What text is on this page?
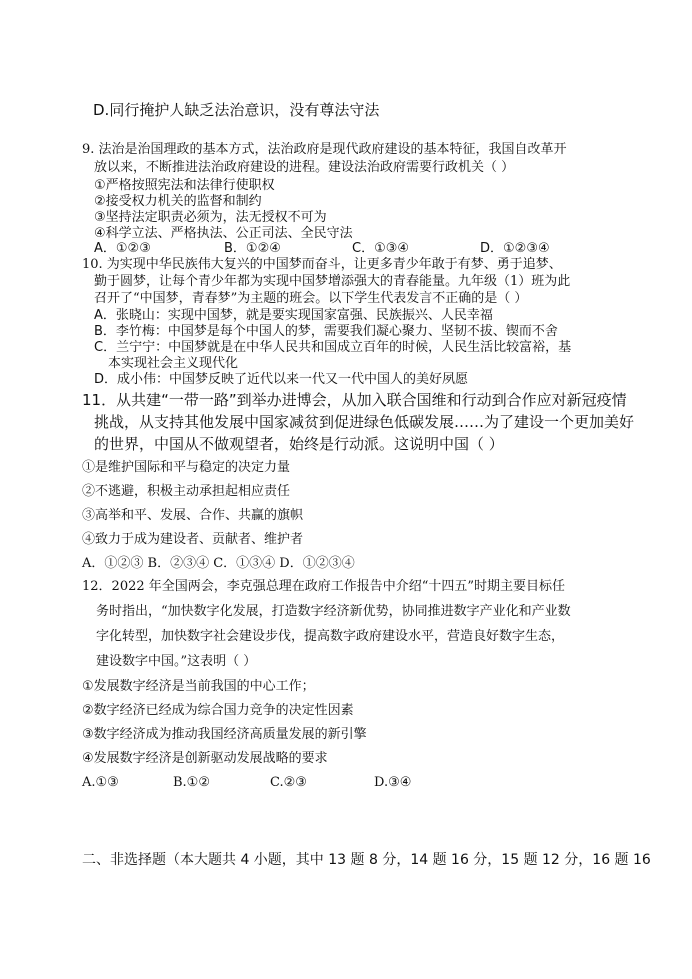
D.同行掩护人缺乏法治意识，没有尊法守法
9. 法治是治国理政的基本方式，法治政府是现代政府建设的基本特征，我国自改革开
放以来，不断推进法治政府建设的进程。建设法治政府需要行政机关（ ）
①严格按照宪法和法律行使职权
②接受权力机关的监督和制约
③坚持法定职责必须为，法无授权不可为
④科学立法、严格执法、公正司法、全民守法
A．①②③	B．①②④	C．①③④	D．①②③④
10. 为实现中华民族伟大复兴的中国梦而奋斗，让更多青少年敢于有梦、勇于追梦、
勤于圆梦，让每个青少年都为实现中国梦增添强大的青春能量。九年级（1）班为此
召开了“中国梦，青春梦”为主题的班会。以下学生代表发言不正确的是（ ）
A．张晓山：实现中国梦，就是要实现国家富强、民族振兴、人民幸福
B．李竹梅：中国梦是每个中国人的梦，需要我们凝心聚力、坚韧不拔、锲而不舍
C．兰宁宁：中国梦就是在中华人民共和国成立百年的时候，人民生活比较富裕，基
本实现社会主义现代化
D．成小伟：中国梦反映了近代以来一代又一代中国人的美好夙愿
11．从共建“一带一路”到举办进博会，从加入联合国维和行动到合作应对新冠疫情
挑战，从支持其他发展中国家减贫到促进绿色低碳发展……为了建设一个更加美好
的世界，中国从不做观望者，始终是行动派。这说明中国（ ）
①是维护国际和平与稳定的决定力量
②不逃避，积极主动承担起相应责任
③高举和平、发展、合作、共赢的旗帜
④致力于成为建设者、贡献者、维护者
A．①②③ B．②③④ C．①③④ D．①②③④
12．2022 年全国两会，李克强总理在政府工作报告中介绍“十四五”时期主要目标任
务时指出，“加快数字化发展，打造数字经济新优势，协同推进数字产业化和产业数
字化转型，加快数字社会建设步伐，提高数字政府建设水平，营造良好数字生态，
建设数字中国。”这表明（ ）
①发展数字经济是当前我国的中心工作；
②数字经济已经成为综合国力竞争的决定性因素
③数字经济成为推动我国经济高质量发展的新引擎
④发展数字经济是创新驱动发展战略的要求
A.①③	B.①②	C.②③	D.③④
二、非选择题（本大题共 4 小题，其中 13 题 8 分，14 题 16 分，15 题 12 分，16 题 16
